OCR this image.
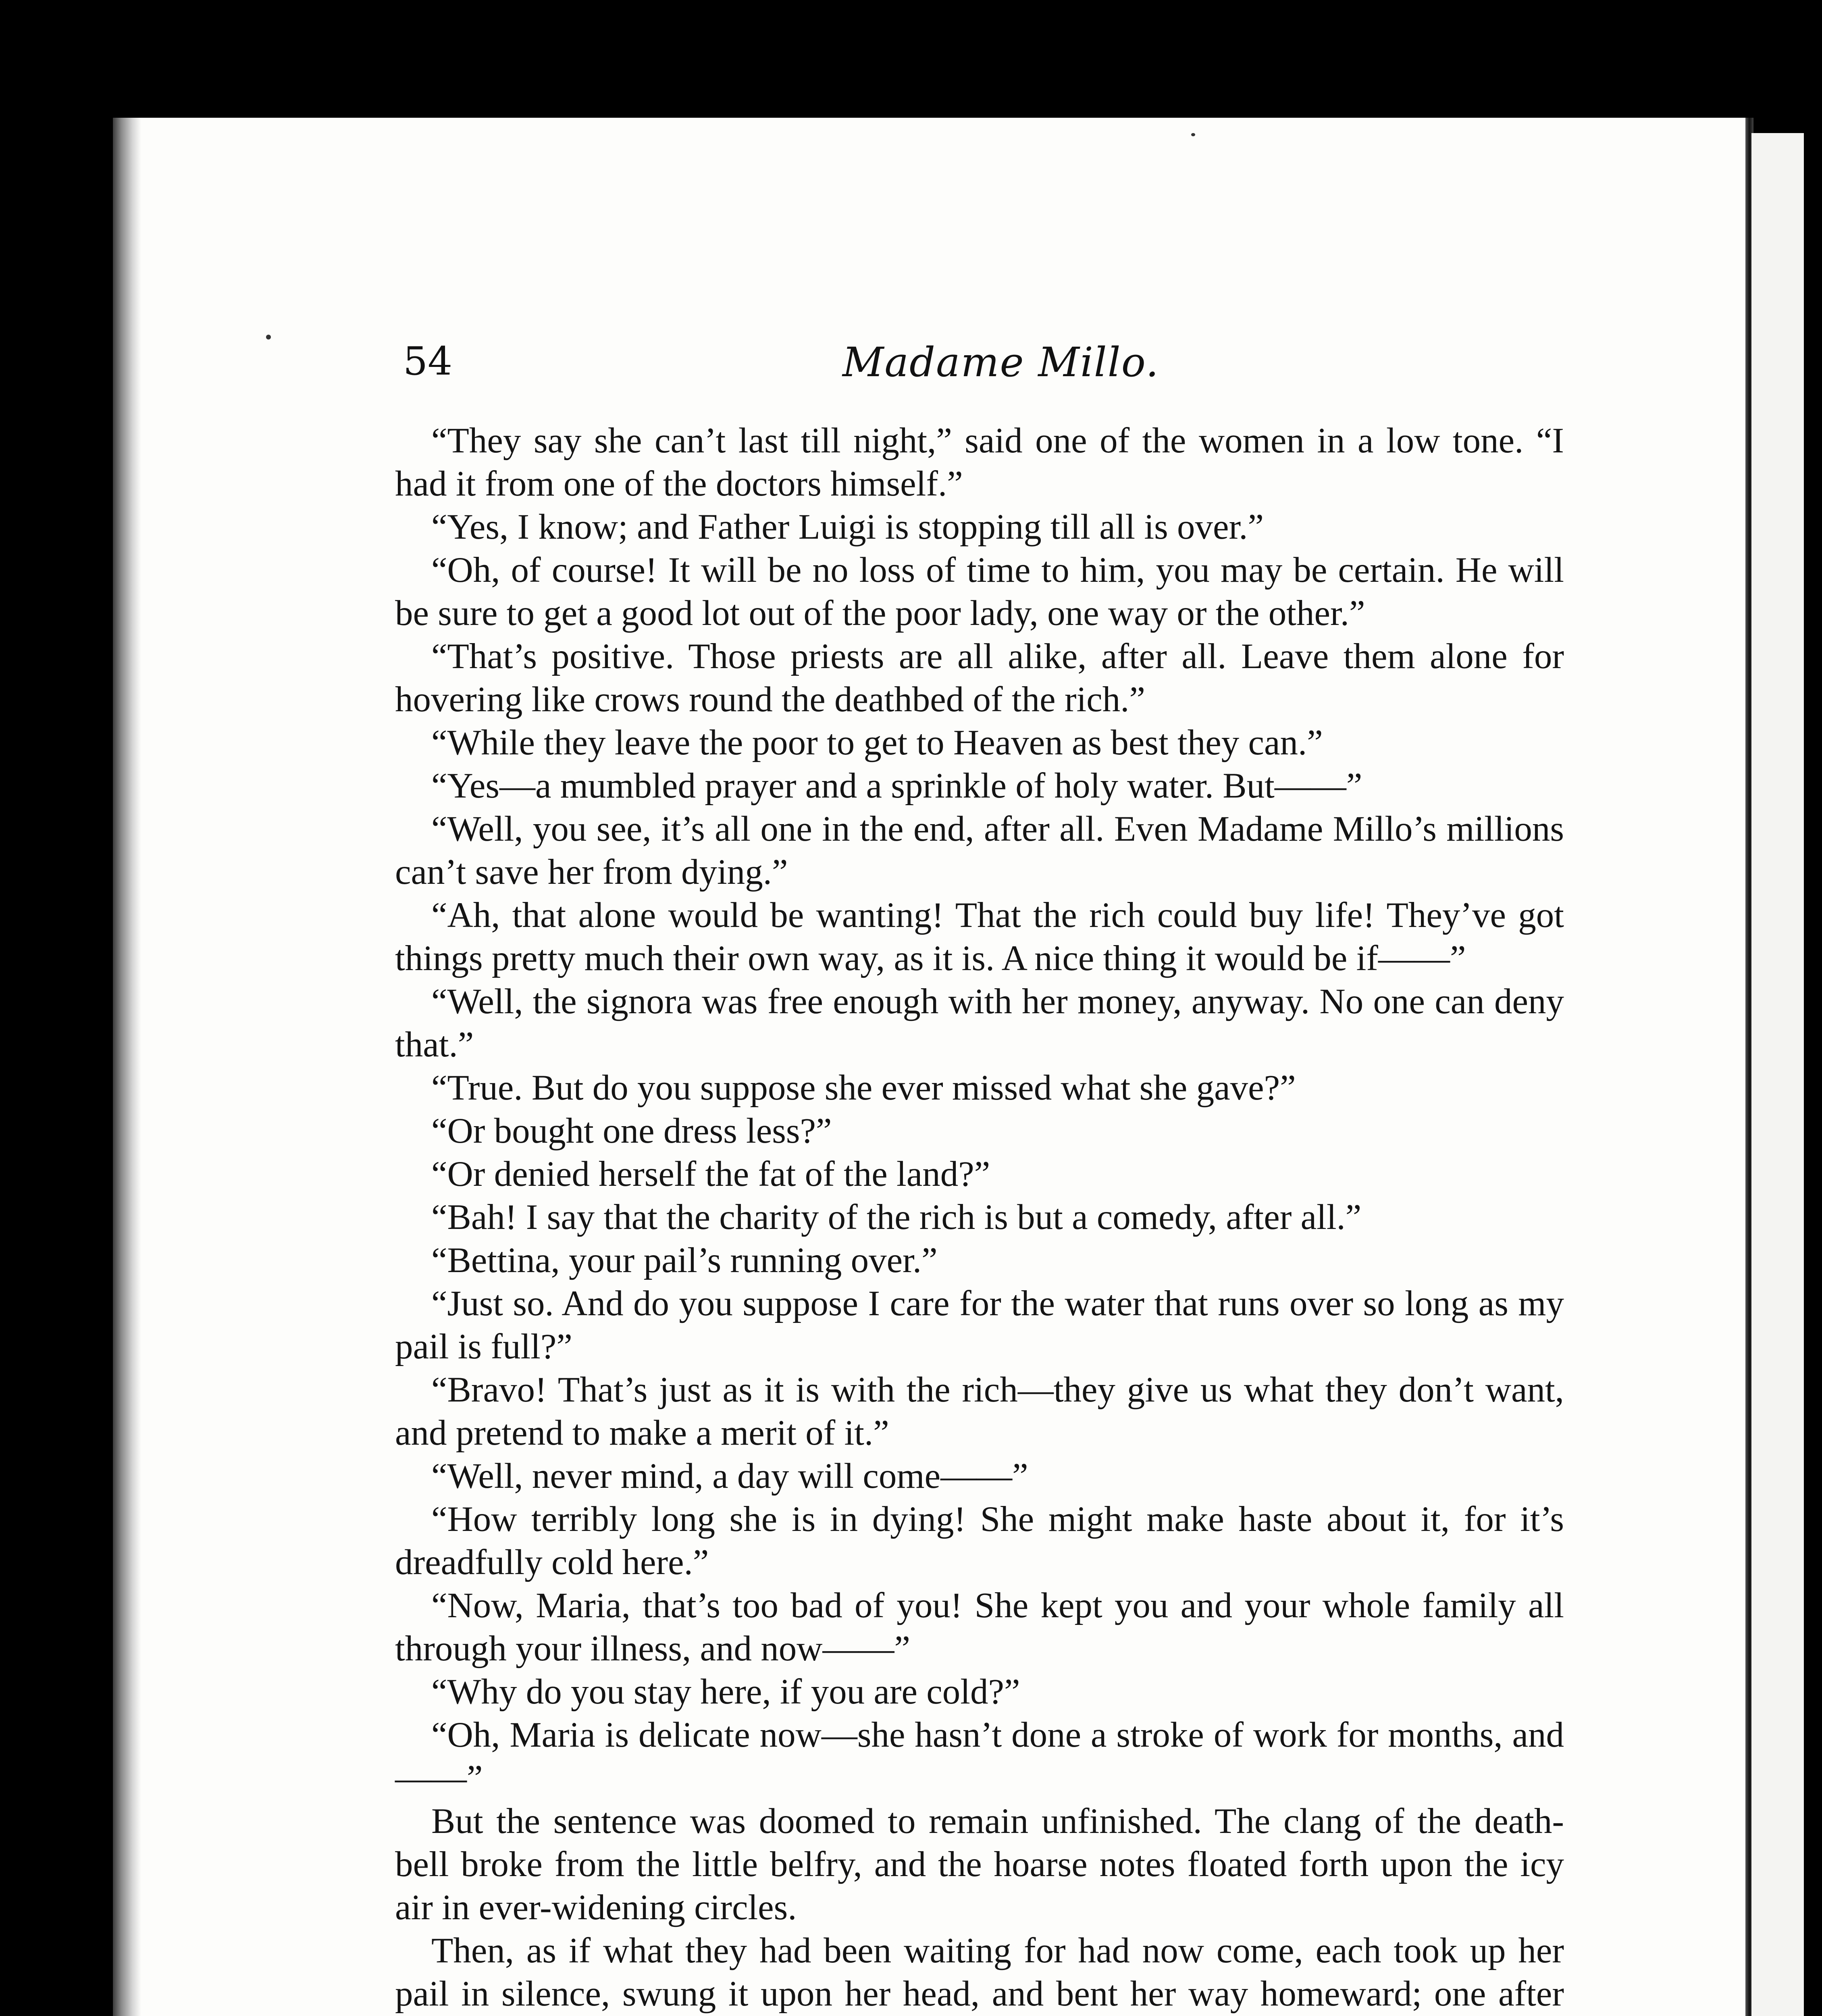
54	Madame Millo.

“They say she can’t last till night,” said one of the women in a low tone. “I had it from one of the doctors himself.”

“Yes, I know; and Father Luigi is stopping till all is over.”

“Oh, of course! It will be no loss of time to him, you may be certain. He will be sure to get a good lot out of the poor lady, one way or the other.”

“That’s positive. Those priests are all alike, after all. Leave them alone for hovering like crows round the deathbed of the rich.”

“While they leave the poor to get to Heaven as best they can.”

“Yes—a mumbled prayer and a sprinkle of holy water. But——”

“Well, you see, it’s all one in the end, after all. Even Madame Millo’s millions can’t save her from dying.”

“Ah, that alone would be wanting! That the rich could buy life! They’ve got things pretty much their own way, as it is. A nice thing it would be if——”

“Well, the signora was free enough with her money, anyway. No one can deny that.”

“True. But do you suppose she ever missed what she gave?”

“Or bought one dress less?”

“Or denied herself the fat of the land?”

“Bah! I say that the charity of the rich is but a comedy, after all.”

“Bettina, your pail’s running over.”

“Just so. And do you suppose I care for the water that runs over so long as my pail is full?”

“Bravo! That’s just as it is with the rich—they give us what they don’t want, and pretend to make a merit of it.”

“Well, never mind, a day will come——”

“How terribly long she is in dying! She might make haste about it, for it’s dreadfully cold here.”

“Now, Maria, that’s too bad of you! She kept you and your whole family all through your illness, and now——”

“Why do you stay here, if you are cold?”

“Oh, Maria is delicate now—she hasn’t done a stroke of work for months, and——”

But the sentence was doomed to remain unfinished. The clang of the death-bell broke from the little belfry, and the hoarse notes floated forth upon the icy air in ever-widening circles.

Then, as if what they had been waiting for had now come, each took up her pail in silence, swung it upon her head, and bent her way homeward; one after
